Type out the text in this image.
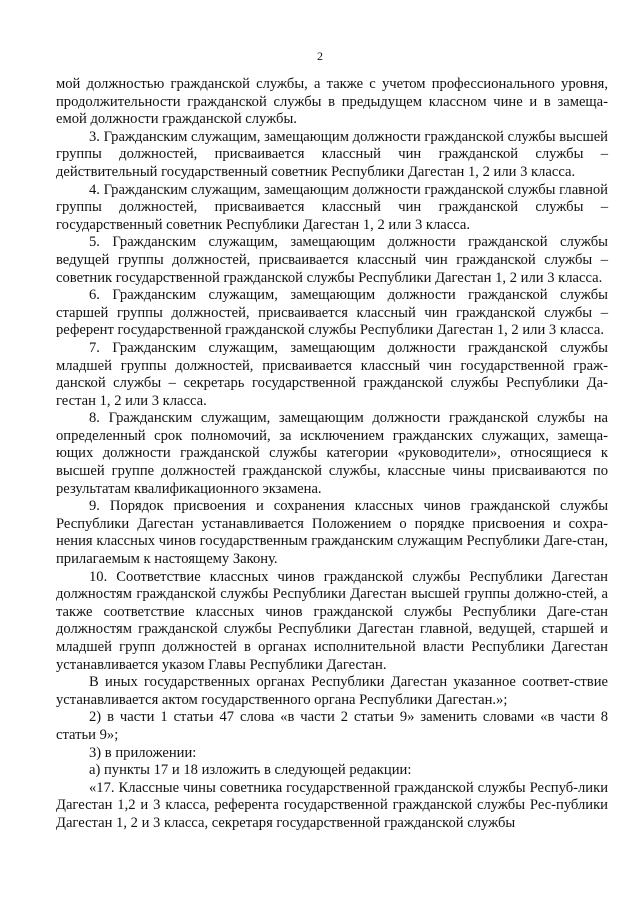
2

мой должностью гражданской службы, а также с учетом профессионального уровня, продолжительности гражданской службы в предыдущем классном чине и в замеща-емой должности гражданской службы.

3. Гражданским служащим, замещающим должности гражданской службы высшей группы должностей, присваивается классный чин гражданской службы – действительный государственный советник Республики Дагестан 1, 2 или 3 класса.

4. Гражданским служащим, замещающим должности гражданской службы главной группы должностей, присваивается классный чин гражданской службы – государственный советник Республики Дагестан 1, 2 или 3 класса.

5. Гражданским служащим, замещающим должности гражданской службы ведущей группы должностей, присваивается классный чин гражданской службы – советник государственной гражданской службы Республики Дагестан 1, 2 или 3 класса.

6. Гражданским служащим, замещающим должности гражданской службы старшей группы должностей, присваивается классный чин гражданской службы – референт государственной гражданской службы Республики Дагестан 1, 2 или 3 класса.

7. Гражданским служащим, замещающим должности гражданской службы младшей группы должностей, присваивается классный чин государственной граж-данской службы – секретарь государственной гражданской службы Республики Да-гестан 1, 2 или 3 класса.

8. Гражданским служащим, замещающим должности гражданской службы на определенный срок полномочий, за исключением гражданских служащих, замеща-ющих должности гражданской службы категории «руководители», относящиеся к высшей группе должностей гражданской службы, классные чины присваиваются по результатам квалификационного экзамена.

9. Порядок присвоения и сохранения классных чинов гражданской службы Республики Дагестан устанавливается Положением о порядке присвоения и сохра-нения классных чинов государственным гражданским служащим Республики Даге-стан, прилагаемым к настоящему Закону.

10. Соответствие классных чинов гражданской службы Республики Дагестан должностям гражданской службы Республики Дагестан высшей группы должно-стей, а также соответствие классных чинов гражданской службы Республики Даге-стан должностям гражданской службы Республики Дагестан главной, ведущей, старшей и младшей групп должностей в органах исполнительной власти Республики Дагестан устанавливается указом Главы Республики Дагестан.

В иных государственных органах Республики Дагестан указанное соответ-ствие устанавливается актом государственного органа Республики Дагестан.»;

2) в части 1 статьи 47 слова «в части 2 статьи 9» заменить словами «в части 8 статьи 9»;

3) в приложении:

а) пункты 17 и 18 изложить в следующей редакции:

«17. Классные чины советника государственной гражданской службы Респуб-лики Дагестан 1,2 и 3 класса, референта государственной гражданской службы Рес-публики Дагестан 1, 2 и 3 класса, секретаря государственной гражданской службы
